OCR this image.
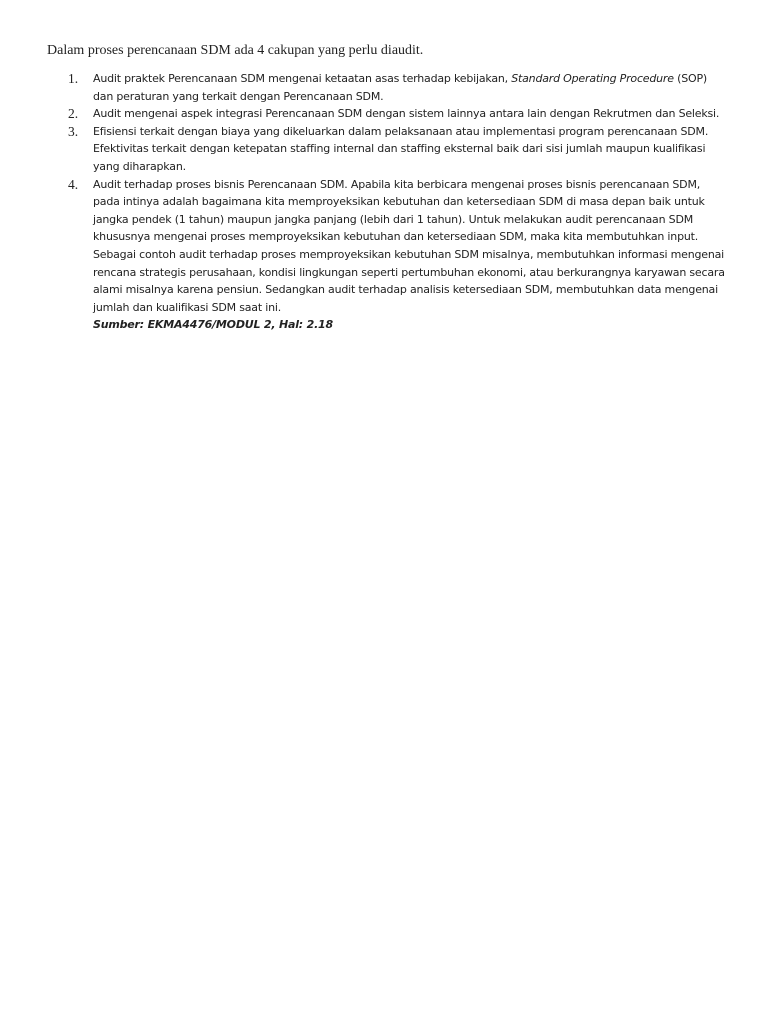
Dalam proses perencanaan SDM ada 4 cakupan yang perlu diaudit.

1. Audit praktek Perencanaan SDM mengenai ketaatan asas terhadap kebijakan, Standard Operating Procedure (SOP) dan peraturan yang terkait dengan Perencanaan SDM.
2. Audit mengenai aspek integrasi Perencanaan SDM dengan sistem lainnya antara lain dengan Rekrutmen dan Seleksi.
3. Efisiensi terkait dengan biaya yang dikeluarkan dalam pelaksanaan atau implementasi program perencanaan SDM. Efektivitas terkait dengan ketepatan staffing internal dan staffing eksternal baik dari sisi jumlah maupun kualifikasi yang diharapkan.
4. Audit terhadap proses bisnis Perencanaan SDM. Apabila kita berbicara mengenai proses bisnis perencanaan SDM, pada intinya adalah bagaimana kita memproyeksikan kebutuhan dan ketersediaan SDM di masa depan baik untuk jangka pendek (1 tahun) maupun jangka panjang (lebih dari 1 tahun). Untuk melakukan audit perencanaan SDM khususnya mengenai proses memproyeksikan kebutuhan dan ketersediaan SDM, maka kita membutuhkan input. Sebagai contoh audit terhadap proses memproyeksikan kebutuhan SDM misalnya, membutuhkan informasi mengenai rencana strategis perusahaan, kondisi lingkungan seperti pertumbuhan ekonomi, atau berkurangnya karyawan secara alami misalnya karena pensiun. Sedangkan audit terhadap analisis ketersediaan SDM, membutuhkan data mengenai jumlah dan kualifikasi SDM saat ini.
Sumber: EKMA4476/MODUL 2, Hal: 2.18
